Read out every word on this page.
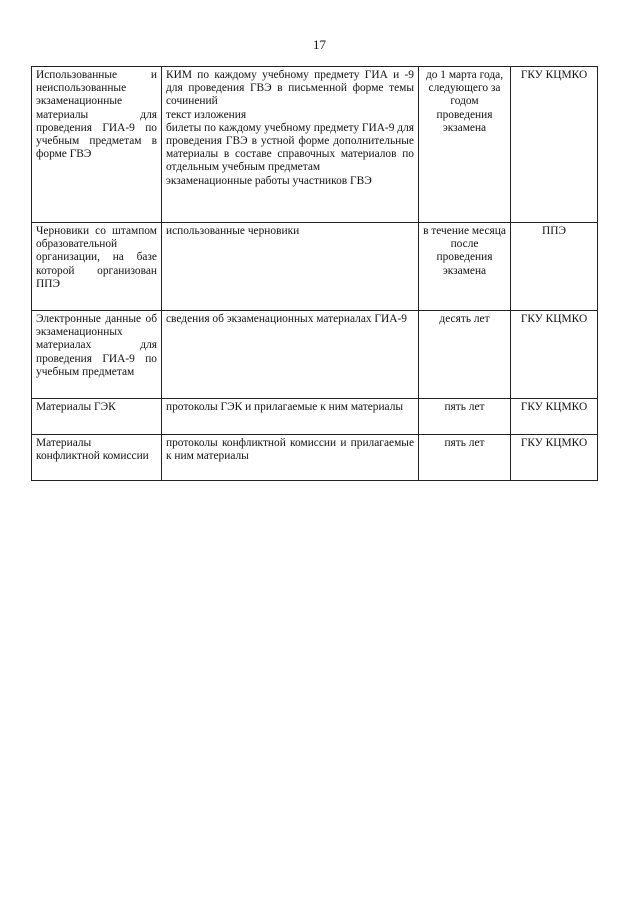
17
Использованные и неиспользованные экзаменационные материалы для проведения ГИА-9 по учебным предметам в форме ГВЭ	КИМ по каждому учебному предмету ГИА и -9 для проведения ГВЭ в письменной форме темы сочинений
текст изложения
билеты по каждому учебному предмету ГИА-9 для проведения ГВЭ в устной форме дополнительные материалы в составе справочных материалов по отдельным учебным предметам
экзаменационные работы участников ГВЭ	до 1 марта года, следующего за годом проведения экзамена	ГКУ КЦМКО
Черновики со штампом образовательной организации, на базе которой организован ППЭ	использованные черновики	в течение месяца после проведения экзамена	ППЭ
Электронные данные об экзаменационных материалах для проведения ГИА-9 по учебным предметам	сведения об экзаменационных материалах ГИА-9	десять лет	ГКУ КЦМКО
Материалы ГЭК	протоколы ГЭК и прилагаемые к ним материалы	пять лет	ГКУ КЦМКО
Материалы конфликтной комиссии	протоколы конфликтной комиссии и прилагаемые к ним материалы	пять лет	ГКУ КЦМКО
